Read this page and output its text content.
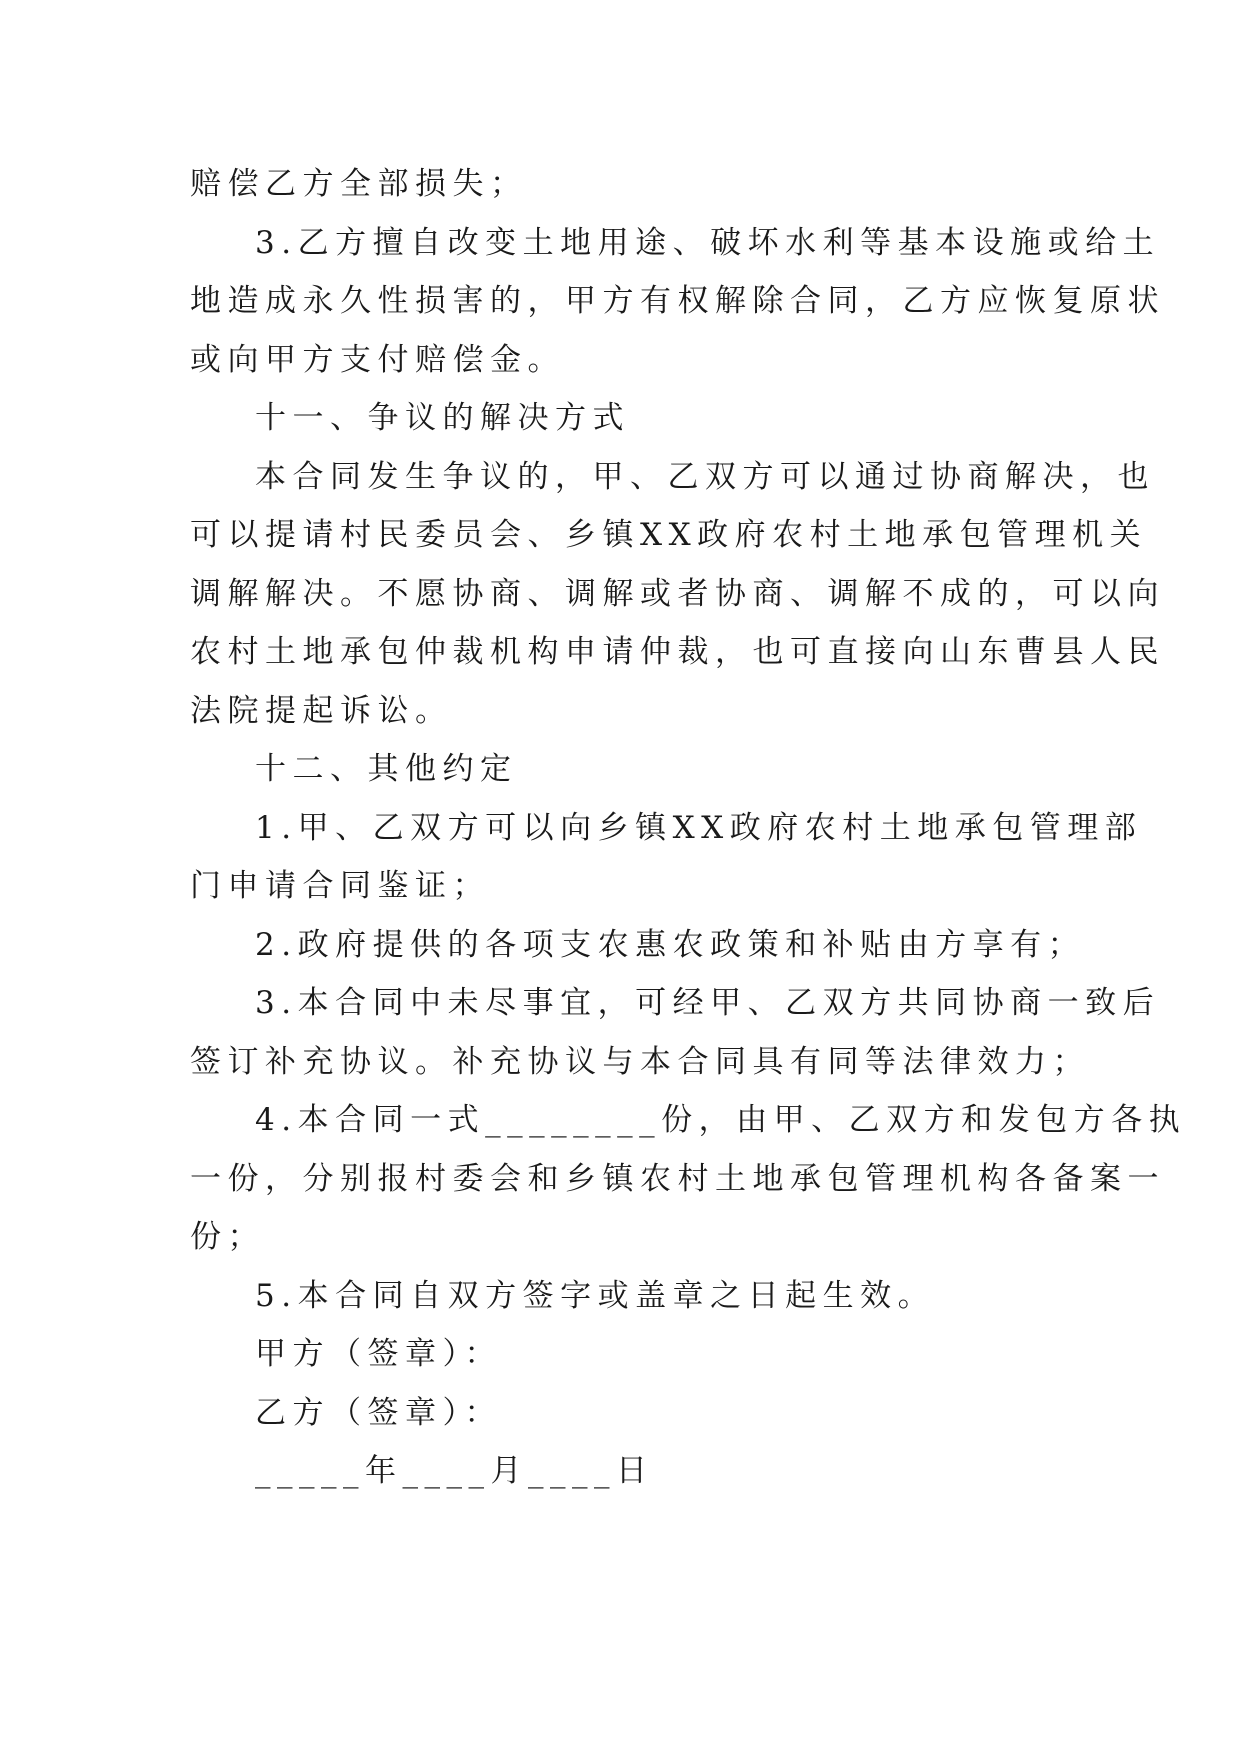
赔偿乙方全部损失；
3.乙方擅自改变土地用途、破坏水利等基本设施或给土
地造成永久性损害的，甲方有权解除合同，乙方应恢复原状
或向甲方支付赔偿金。
十一、争议的解决方式
本合同发生争议的，甲、乙双方可以通过协商解决，也
可以提请村民委员会、乡镇XX政府农村土地承包管理机关
调解解决。不愿协商、调解或者协商、调解不成的，可以向
农村土地承包仲裁机构申请仲裁，也可直接向山东曹县人民
法院提起诉讼。
十二、其他约定
1.甲、乙双方可以向乡镇XX政府农村土地承包管理部
门申请合同鉴证；
2.政府提供的各项支农惠农政策和补贴由方享有；
3.本合同中未尽事宜，可经甲、乙双方共同协商一致后
签订补充协议。补充协议与本合同具有同等法律效力；
4.本合同一式________份，由甲、乙双方和发包方各执
一份，分别报村委会和乡镇农村土地承包管理机构各备案一
份；
5.本合同自双方签字或盖章之日起生效。
甲方（签章）：
乙方（签章）：
_____年____月____日
